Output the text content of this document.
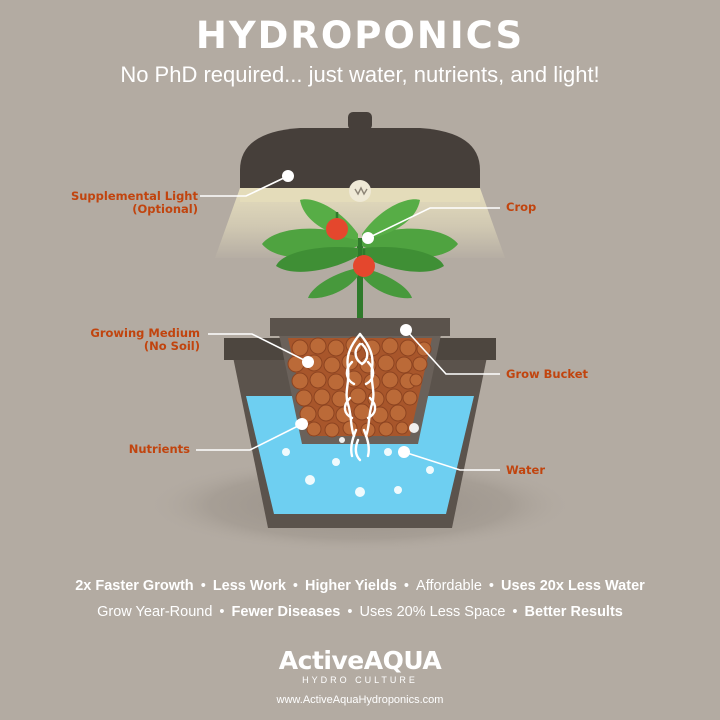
HYDROPONICS
No PhD required... just water, nutrients, and light!
Supplemental Light
(Optional)	Crop
Growing Medium
(No Soil)
Grow Bucket
Nutrients
Water
2x Faster Growth • Less Work • Higher Yields • Affordable • Uses 20x Less Water
Grow Year-Round • Fewer Diseases • Uses 20% Less Space • Better Results
ActiveAQUA
HYDRO CULTURE
www.ActiveAquaHydroponics.com
